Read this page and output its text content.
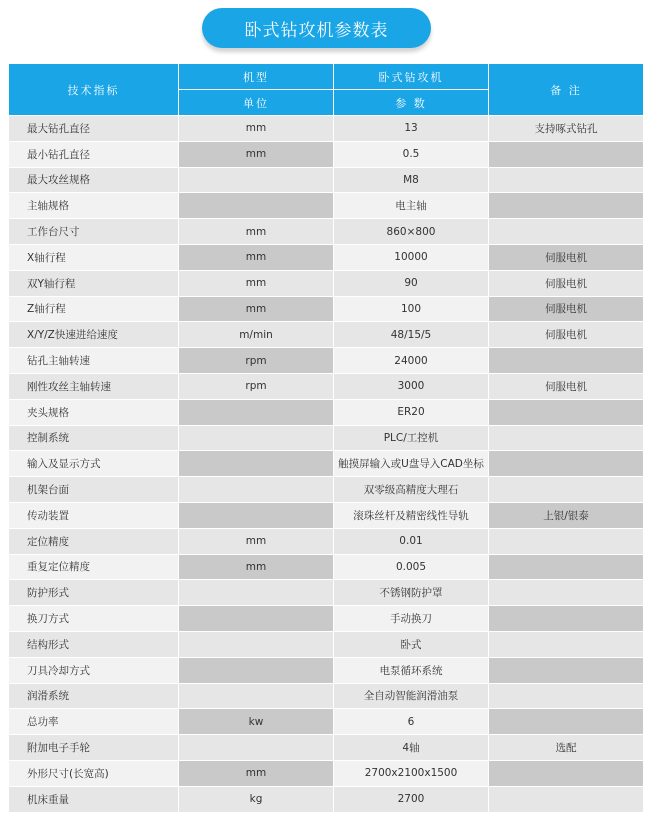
卧式钻攻机参数表
技术指标	机型	卧式钻攻机	备 注
	单位	参 数	
最大钻孔直径	mm	13	支持啄式钻孔
最小钻孔直径	mm	0.5	
最大攻丝规格		M8	
主轴规格		电主轴	
工作台尺寸	mm	860×800	
X轴行程	mm	10000	伺服电机
双Y轴行程	mm	90	伺服电机
Z轴行程	mm	100	伺服电机
X/Y/Z快速进给速度	m/min	48/15/5	伺服电机
钻孔主轴转速	rpm	24000	
刚性攻丝主轴转速	rpm	3000	伺服电机
夹头规格		ER20	
控制系统		PLC/工控机	
输入及显示方式		触摸屏输入或U盘导入CAD坐标	
机架台面		双零级高精度大理石	
传动装置		滚珠丝杆及精密线性导轨	上银/银泰
定位精度	mm	0.01	
重复定位精度	mm	0.005	
防护形式		不锈钢防护罩	
换刀方式		手动换刀	
结构形式		卧式	
刀具冷却方式		电泵循环系统	
润滑系统		全自动智能润滑油泵	
总功率	kw	6	
附加电子手轮		4轴	选配
外形尺寸(长宽高)	mm	2700x2100x1500	
机床重量	kg	2700	
